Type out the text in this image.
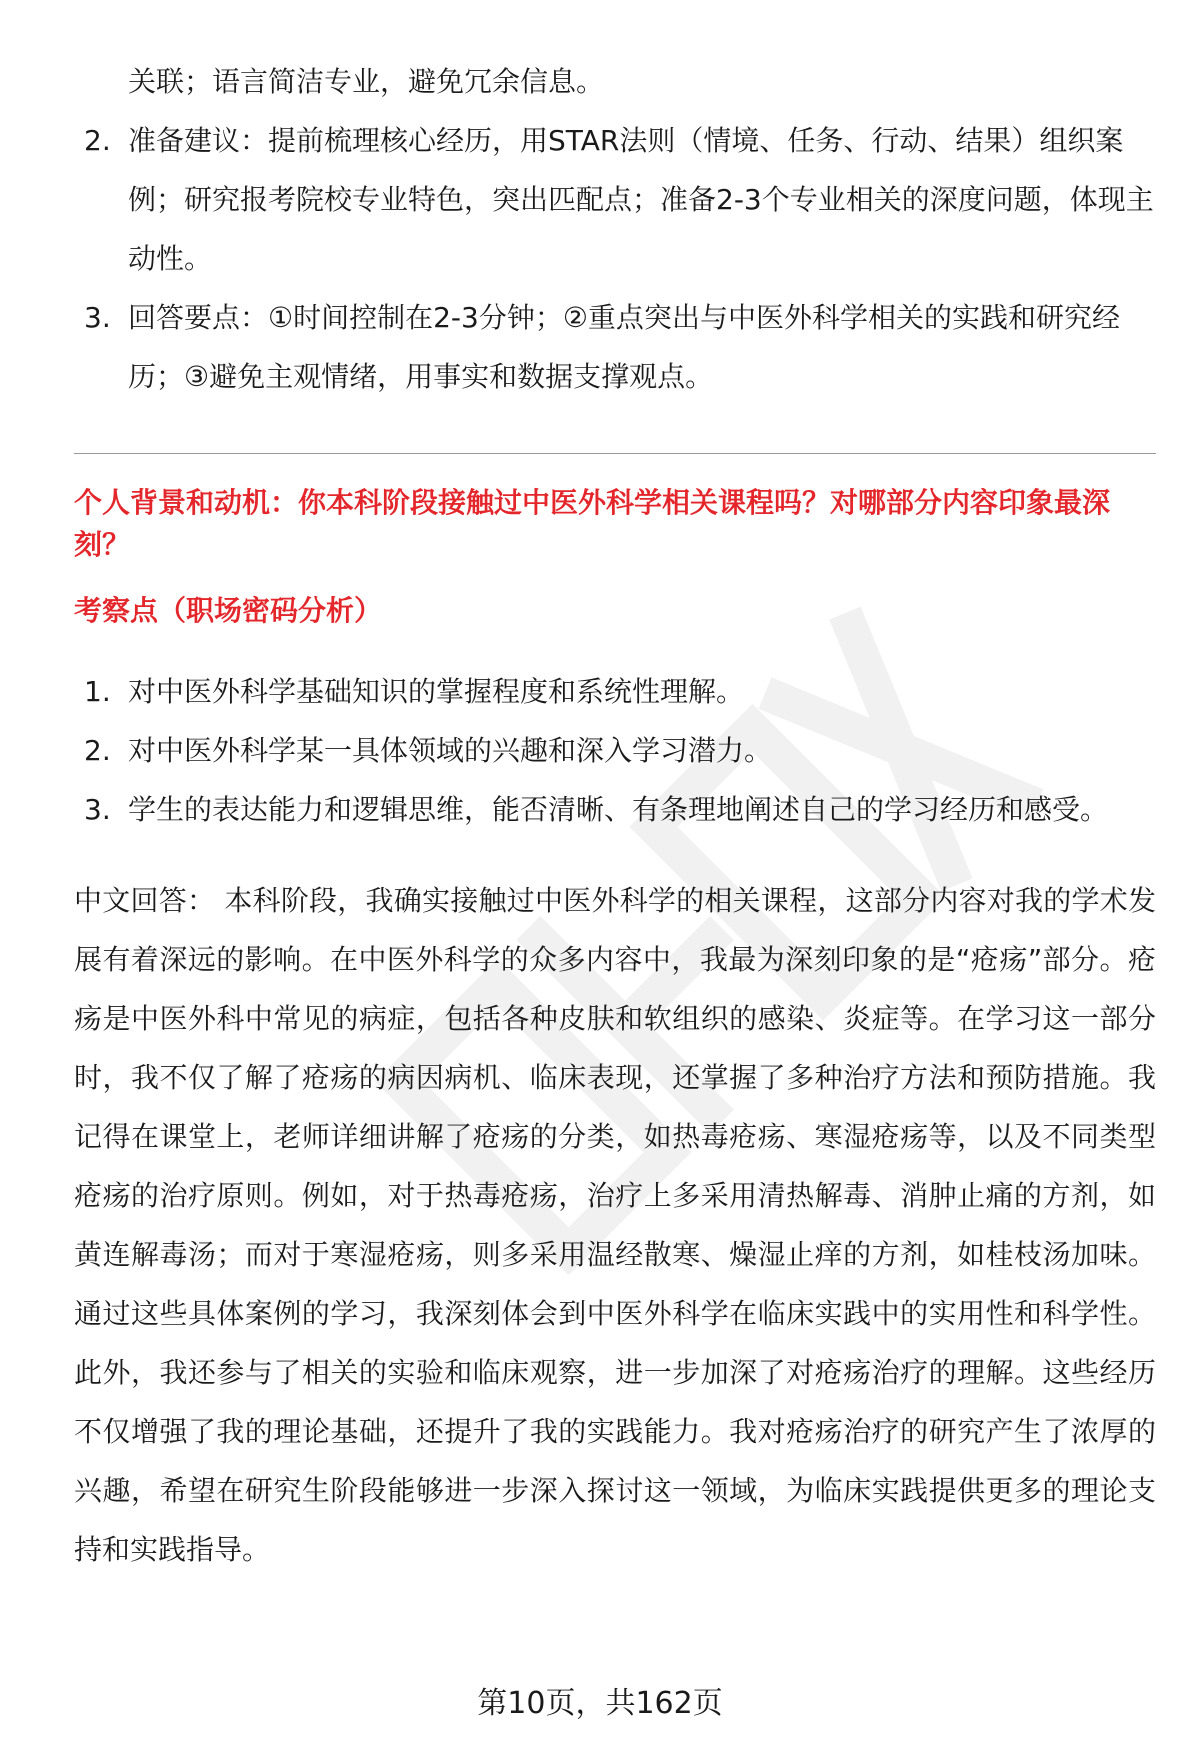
关联；语言简洁专业，避免冗余信息。
2. 准备建议：提前梳理核心经历，用STAR法则（情境、任务、行动、结果）组织案例；研究报考院校专业特色，突出匹配点；准备2-3个专业相关的深度问题，体现主动性。
3. 回答要点：①时间控制在2-3分钟；②重点突出与中医外科学相关的实践和研究经历；③避免主观情绪，用事实和数据支撑观点。
个人背景和动机：你本科阶段接触过中医外科学相关课程吗？对哪部分内容印象最深刻？
考察点（职场密码分析）
1. 对中医外科学基础知识的掌握程度和系统性理解。
2. 对中医外科学某一具体领域的兴趣和深入学习潜力。
3. 学生的表达能力和逻辑思维，能否清晰、有条理地阐述自己的学习经历和感受。

中文回答： 本科阶段，我确实接触过中医外科学的相关课程，这部分内容对我的学术发展有着深远的影响。在中医外科学的众多内容中，我最为深刻印象的是“疮疡”部分。疮疡是中医外科中常见的病症，包括各种皮肤和软组织的感染、炎症等。在学习这一部分时，我不仅了解了疮疡的病因病机、临床表现，还掌握了多种治疗方法和预防措施。我记得在课堂上，老师详细讲解了疮疡的分类，如热毒疮疡、寒湿疮疡等，以及不同类型疮疡的治疗原则。例如，对于热毒疮疡，治疗上多采用清热解毒、消肿止痛的方剂，如黄连解毒汤；而对于寒湿疮疡，则多采用温经散寒、燥湿止痒的方剂，如桂枝汤加味。通过这些具体案例的学习，我深刻体会到中医外科学在临床实践中的实用性和科学性。此外，我还参与了相关的实验和临床观察，进一步加深了对疮疡治疗的理解。这些经历不仅增强了我的理论基础，还提升了我的实践能力。我对疮疡治疗的研究产生了浓厚的兴趣，希望在研究生阶段能够进一步深入探讨这一领域，为临床实践提供更多的理论支持和实践指导。

第10页，共162页
